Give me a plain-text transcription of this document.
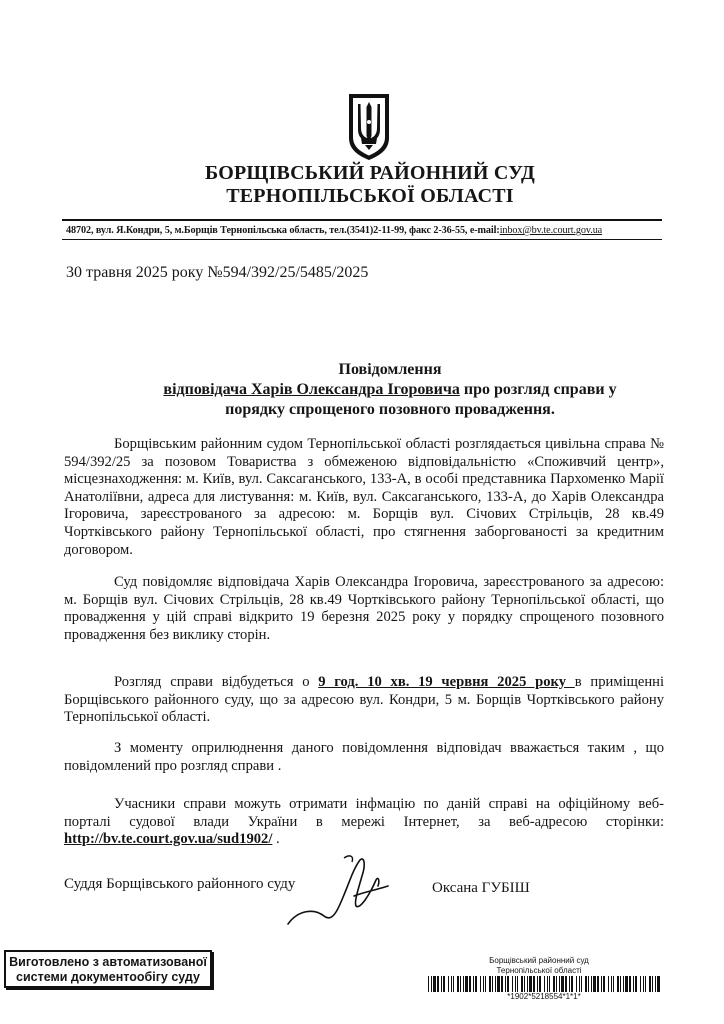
БОРЩІВСЬКИЙ РАЙОННИЙ СУД
ТЕРНОПІЛЬСЬКОЇ ОБЛАСТІ
48702, вул. Я.Кондри, 5, м.Борщів Тернопільська область, тел.(3541)2-11-99, факс 2-36-55, e-mail:inbox@bv.te.court.gov.ua
30 травня 2025 року №594/392/25/5485/2025
Повідомлення
відповідача Харів Олександра Ігоровича про розгляд справи у
порядку спрощеного позовного провадження.
Борщівським районним судом Тернопільської області розглядається цивільна справа № 594/392/25 за позовом Товариства з обмеженою відповідальністю «Споживчий центр», місцезнаходження: м. Київ, вул. Саксаганського, 133-А, в особі представника Пархоменко Марії Анатоліївни, адреса для листування: м. Київ, вул. Саксаганського, 133-А, до Харів Олександра Ігоровича, зареєстрованого за адресою: м. Борщів вул. Січових Стрільців, 28 кв.49 Чортківського району Тернопільської області, про стягнення заборгованості за кредитним договором.
Суд повідомляє відповідача Харів Олександра Ігоровича, зареєстрованого за адресою: м. Борщів вул. Січових Стрільців, 28 кв.49 Чортківського району Тернопільської області, що провадження у цій справі відкрито 19 березня 2025 року у порядку спрощеного позовного провадження без виклику сторін.
Розгляд справи відбудеться о 9 год. 10 хв. 19 червня 2025 року в приміщенні Борщівського районного суду, що за адресою вул. Кондри, 5 м. Борщів Чортківського району Тернопільської області.
З моменту оприлюднення даного повідомлення відповідач вважається таким , що повідомлений про розгляд справи .
Учасники справи можуть отримати інфмацію по даній справі на офіційному веб-порталі судової влади України в мережі Інтернет, за веб-адресою сторінки: http://bv.te.court.gov.ua/sud1902/ .
Суддя Борщівського районного суду	Оксана ГУБІШ
Виготовлено з автоматизованої
системи документообігу суду
Борщівський районний суд
Тернопільської області
*1902*5218554*1*1*
